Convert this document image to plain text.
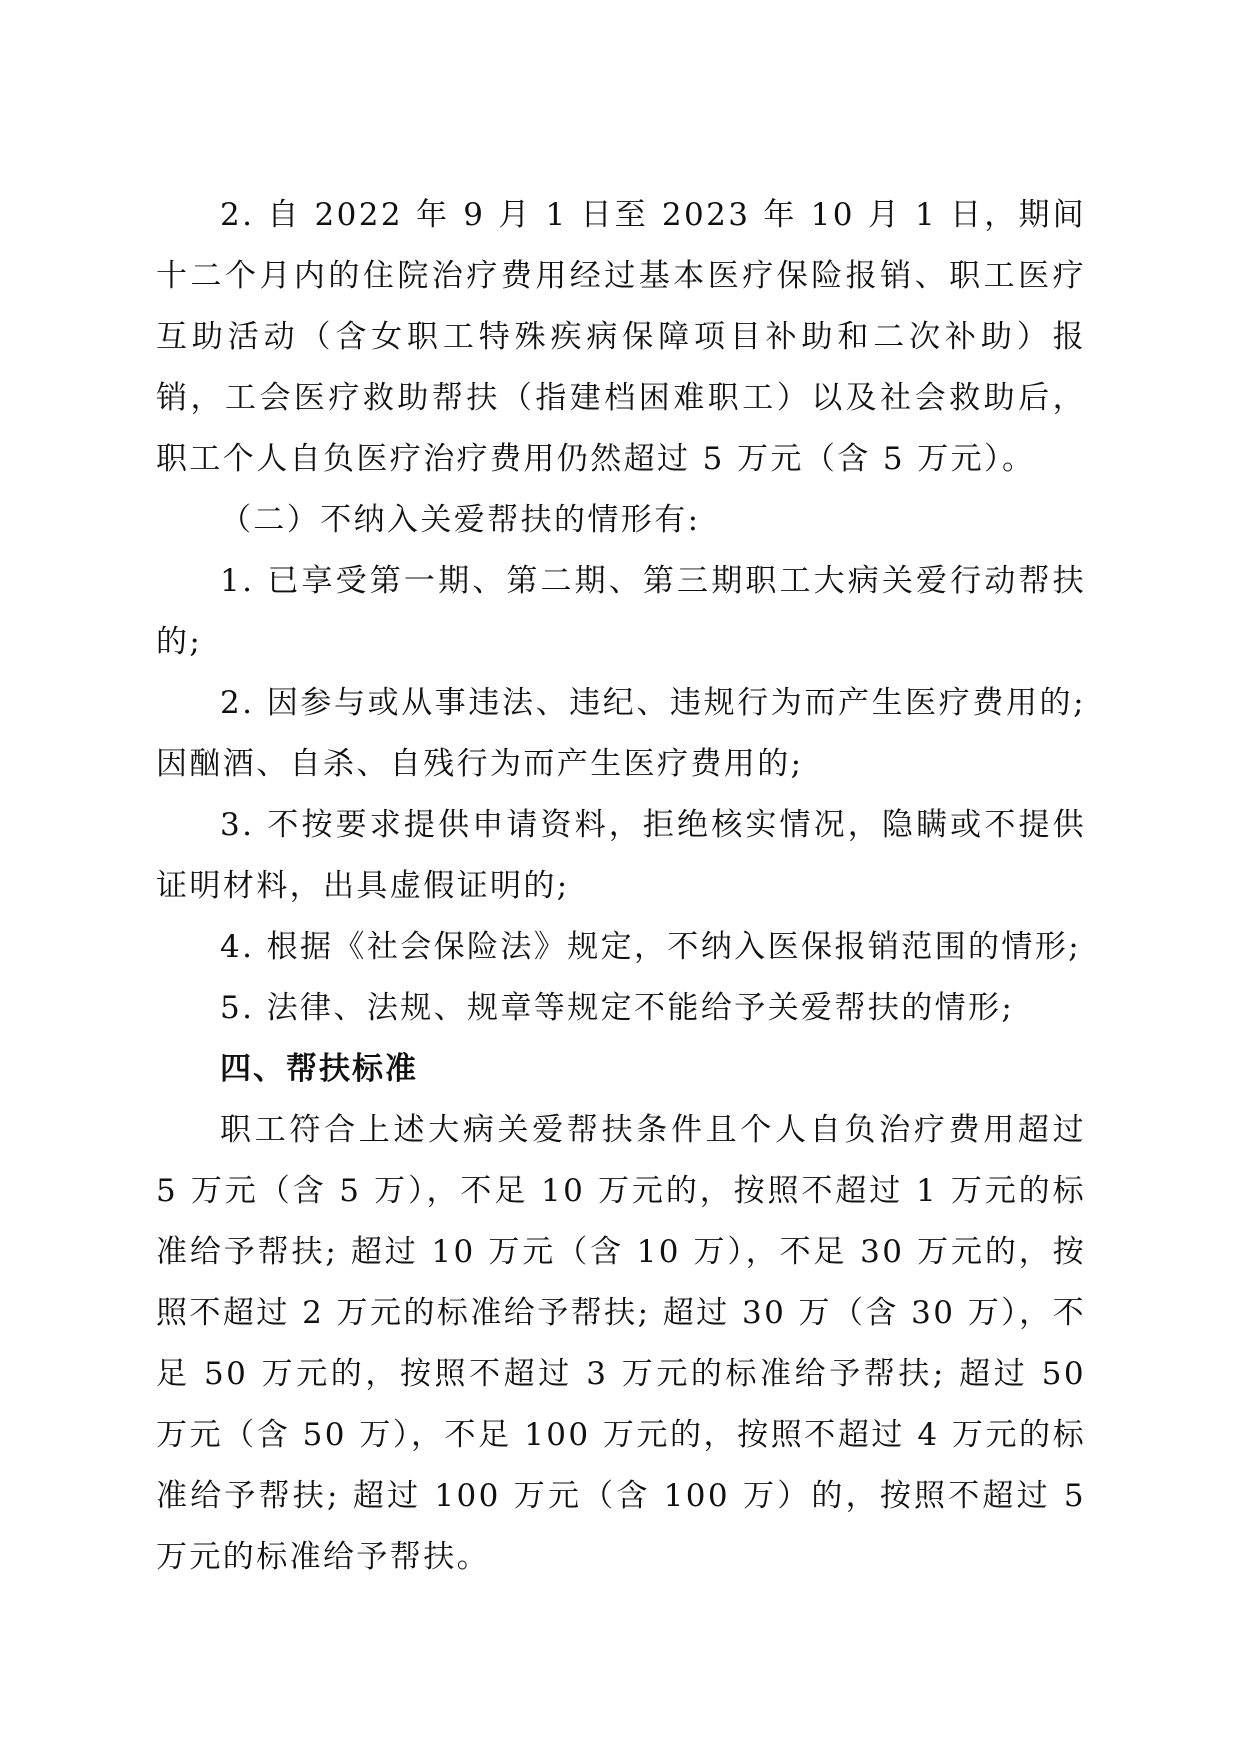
2. 自 2022 年 9 月 1 日至 2023 年 10 月 1 日，期间十二个月内的住院治疗费用经过基本医疗保险报销、职工医疗互助活动（含女职工特殊疾病保障项目补助和二次补助）报销，工会医疗救助帮扶（指建档困难职工）以及社会救助后，职工个人自负医疗治疗费用仍然超过 5 万元（含 5 万元）。

（二）不纳入关爱帮扶的情形有:

1. 已享受第一期、第二期、第三期职工大病关爱行动帮扶的;

2. 因参与或从事违法、违纪、违规行为而产生医疗费用的; 因酗酒、自杀、自残行为而产生医疗费用的;

3. 不按要求提供申请资料，拒绝核实情况，隐瞒或不提供证明材料，出具虚假证明的;

4. 根据《社会保险法》规定，不纳入医保报销范围的情形;

5. 法律、法规、规章等规定不能给予关爱帮扶的情形;

四、帮扶标准

职工符合上述大病关爱帮扶条件且个人自负治疗费用超过 5 万元（含 5 万），不足 10 万元的，按照不超过 1 万元的标准给予帮扶; 超过 10 万元（含 10 万），不足 30 万元的，按照不超过 2 万元的标准给予帮扶; 超过 30 万（含 30 万），不足 50 万元的，按照不超过 3 万元的标准给予帮扶; 超过 50 万元（含 50 万），不足 100 万元的，按照不超过 4 万元的标准给予帮扶; 超过 100 万元（含 100 万）的，按照不超过 5 万元的标准给予帮扶。
